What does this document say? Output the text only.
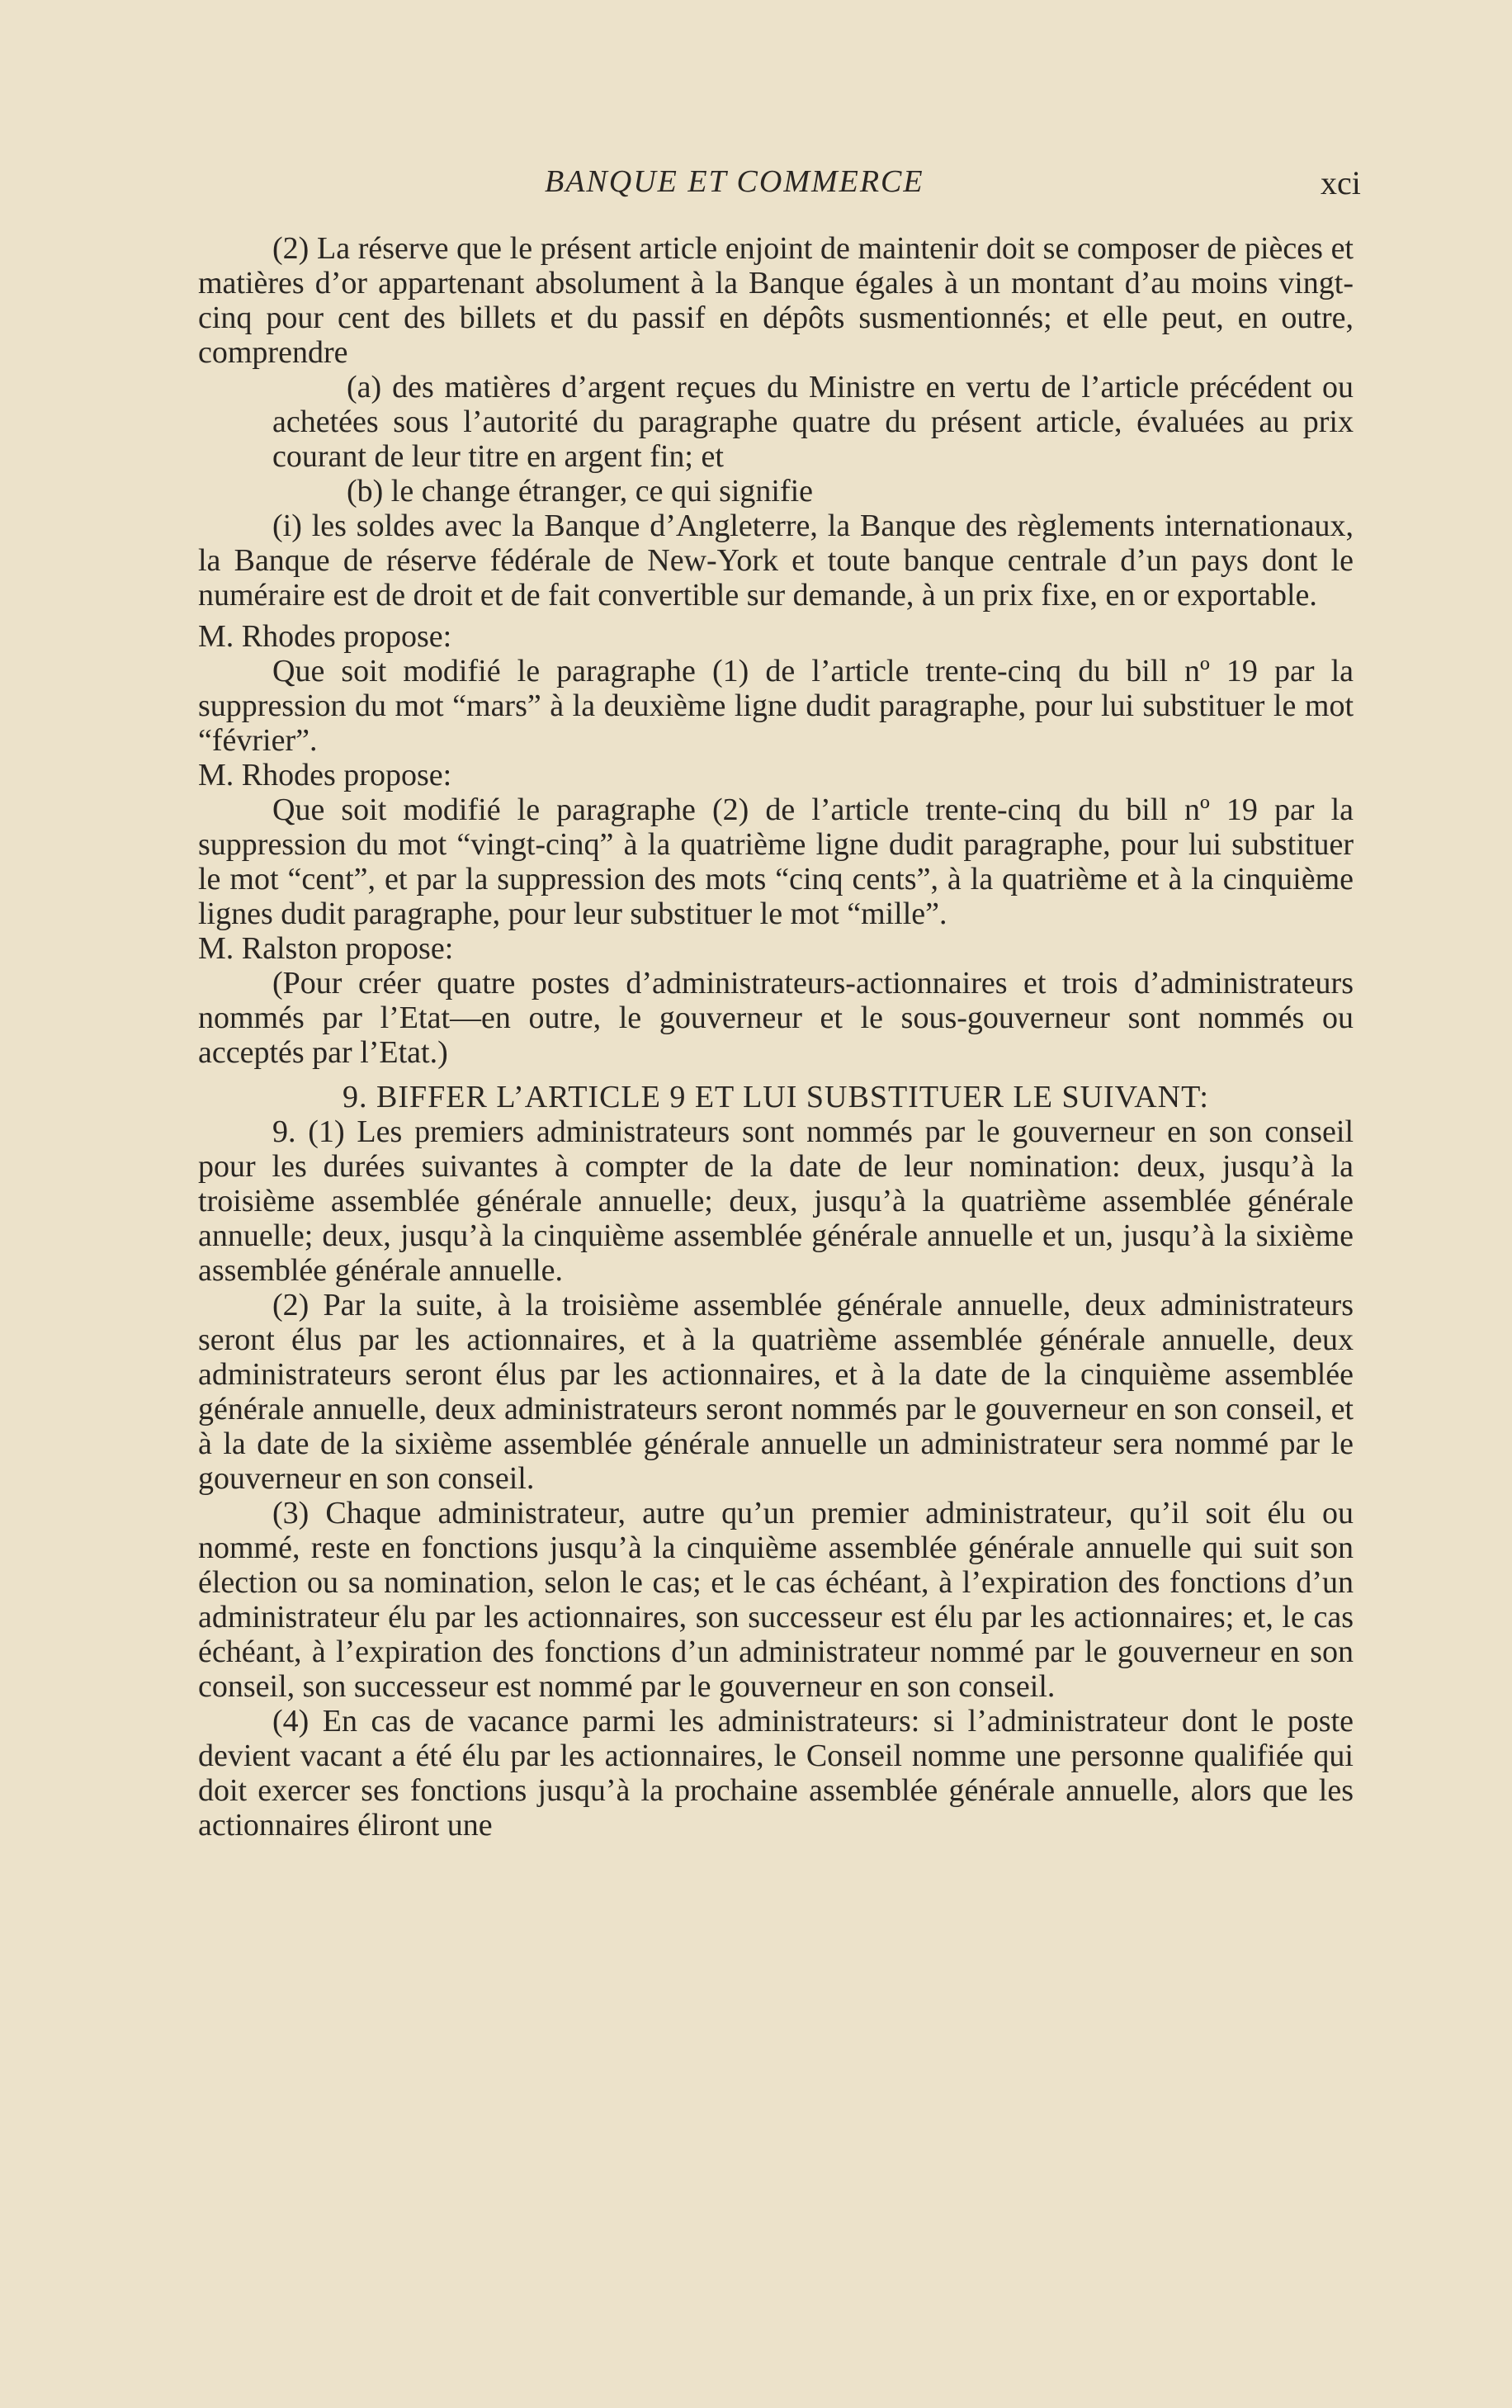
BANQUE ET COMMERCE	xci

(2) La réserve que le présent article enjoint de maintenir doit se composer de pièces et matières d’or appartenant absolument à la Banque égales à un montant d’au moins vingt-cinq pour cent des billets et du passif en dépôts susmentionnés; et elle peut, en outre, comprendre

(a) des matières d’argent reçues du Ministre en vertu de l’article précédent ou achetées sous l’autorité du paragraphe quatre du présent article, évaluées au prix courant de leur titre en argent fin; et

(b) le change étranger, ce qui signifie

(i) les soldes avec la Banque d’Angleterre, la Banque des règlements internationaux, la Banque de réserve fédérale de New-York et toute banque centrale d’un pays dont le numéraire est de droit et de fait convertible sur demande, à un prix fixe, en or exportable.

M. Rhodes propose:

Que soit modifié le paragraphe (1) de l’article trente-cinq du bill nº 19 par la suppression du mot “mars” à la deuxième ligne dudit paragraphe, pour lui substituer le mot “février”.

M. Rhodes propose:

Que soit modifié le paragraphe (2) de l’article trente-cinq du bill nº 19 par la suppression du mot “vingt-cinq” à la quatrième ligne dudit paragraphe, pour lui substituer le mot “cent”, et par la suppression des mots “cinq cents”, à la quatrième et à la cinquième lignes dudit paragraphe, pour leur substituer le mot “mille”.

M. Ralston propose:

(Pour créer quatre postes d’administrateurs-actionnaires et trois d’administrateurs nommés par l’Etat—en outre, le gouverneur et le sous-gouverneur sont nommés ou acceptés par l’Etat.)

9. BIFFER L’ARTICLE 9 ET LUI SUBSTITUER LE SUIVANT:

9. (1) Les premiers administrateurs sont nommés par le gouverneur en son conseil pour les durées suivantes à compter de la date de leur nomination: deux, jusqu’à la troisième assemblée générale annuelle; deux, jusqu’à la quatrième assemblée générale annuelle; deux, jusqu’à la cinquième assemblée générale annuelle et un, jusqu’à la sixième assemblée générale annuelle.

(2) Par la suite, à la troisième assemblée générale annuelle, deux administrateurs seront élus par les actionnaires, et à la quatrième assemblée générale annuelle, deux administrateurs seront élus par les actionnaires, et à la date de la cinquième assemblée générale annuelle, deux administrateurs seront nommés par le gouverneur en son conseil, et à la date de la sixième assemblée générale annuelle un administrateur sera nommé par le gouverneur en son conseil.

(3) Chaque administrateur, autre qu’un premier administrateur, qu’il soit élu ou nommé, reste en fonctions jusqu’à la cinquième assemblée générale annuelle qui suit son élection ou sa nomination, selon le cas; et le cas échéant, à l’expiration des fonctions d’un administrateur élu par les actionnaires, son successeur est élu par les actionnaires; et, le cas échéant, à l’expiration des fonctions d’un administrateur nommé par le gouverneur en son conseil, son successeur est nommé par le gouverneur en son conseil.

(4) En cas de vacance parmi les administrateurs: si l’administrateur dont le poste devient vacant a été élu par les actionnaires, le Conseil nomme une personne qualifiée qui doit exercer ses fonctions jusqu’à la prochaine assemblée générale annuelle, alors que les actionnaires éliront une
